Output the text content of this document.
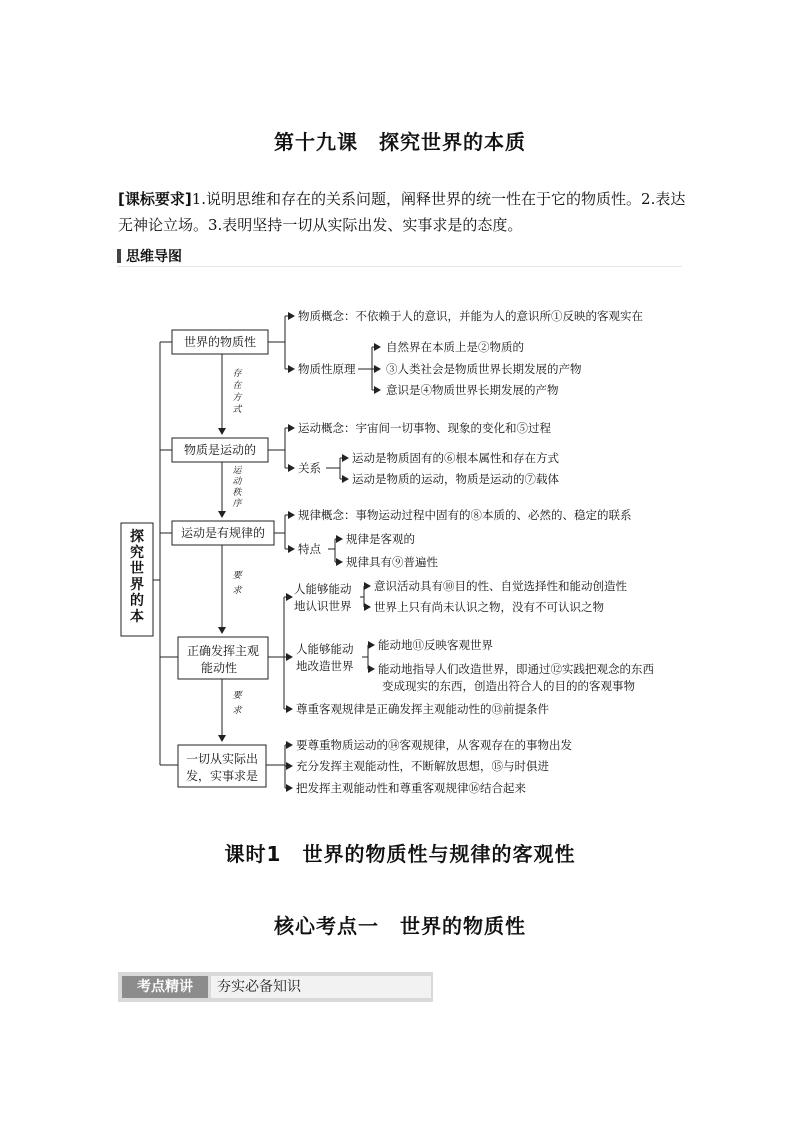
第十九课　探究世界的本质
[课标要求]1.说明思维和存在的关系问题，阐释世界的统一性在于它的物质性。2.表达无神论立场。3.表明坚持一切从实际出发、实事求是的态度。
思维导图
探
究
世
界
的
本
世界的物质性
物质是运动的
运动是有规律的
正确发挥主观
能动性
一切从实际出
发，实事求是
存
在
方
式
运
动
秩
序
要
求
要
求
物质概念：不依赖于人的意识，并能为人的意识所①反映的客观实在
物质性原理
自然界在本质上是②物质的
③人类社会是物质世界长期发展的产物
意识是④物质世界长期发展的产物
运动概念：宇宙间一切事物、现象的变化和⑤过程
关系
运动是物质固有的⑥根本属性和存在方式
运动是物质的运动，物质是运动的⑦载体
规律概念：事物运动过程中固有的⑧本质的、必然的、稳定的联系
特点
规律是客观的
规律具有⑨普遍性
人能够能动
地认识世界
意识活动具有⑩目的性、自觉选择性和能动创造性
世界上只有尚未认识之物，没有不可认识之物
人能够能动
地改造世界
能动地⑪反映客观世界
能动地指导人们改造世界，即通过⑫实践把观念的东西
变成现实的东西，创造出符合人的目的的客观事物
尊重客观规律是正确发挥主观能动性的⑬前提条件
要尊重物质运动的⑭客观规律，从客观存在的事物出发
充分发挥主观能动性，不断解放思想，⑮与时俱进
把发挥主观能动性和尊重客观规律⑯结合起来
课时1　世界的物质性与规律的客观性
核心考点一　世界的物质性
考点精讲	夯实必备知识
